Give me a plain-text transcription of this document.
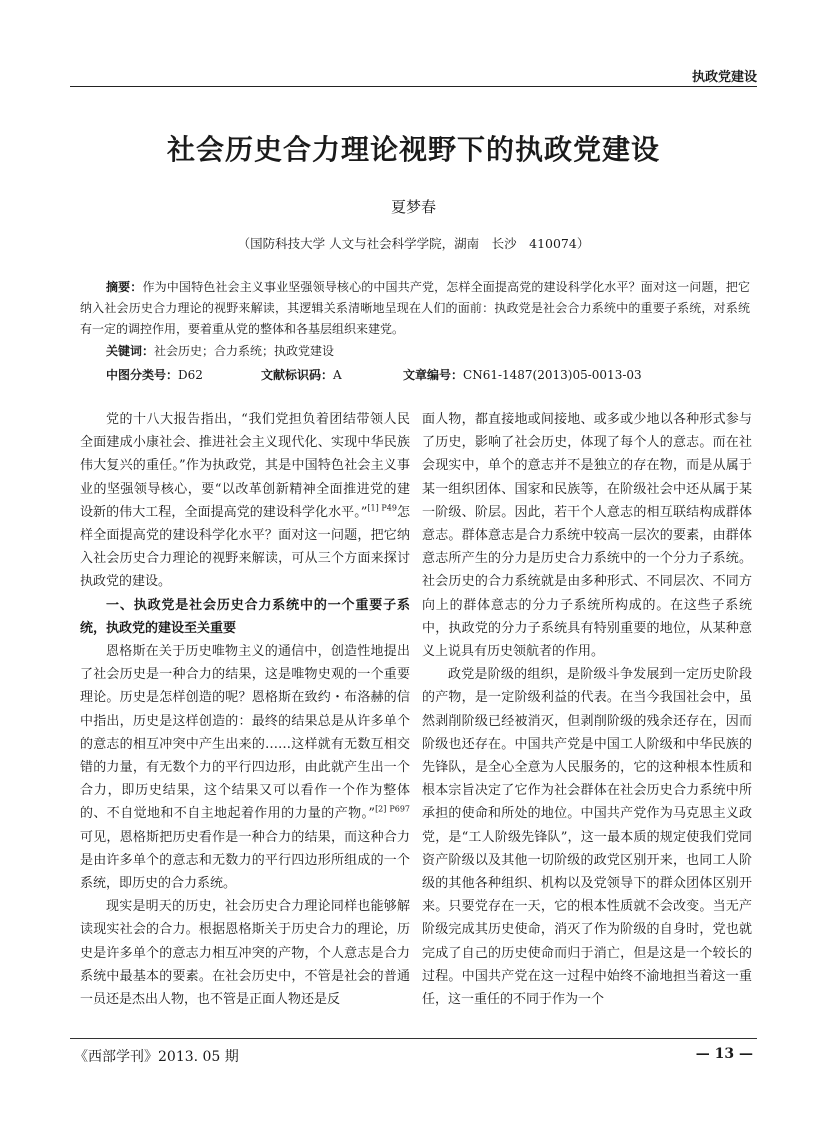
执政党建设
社会历史合力理论视野下的执政党建设
夏梦春
（国防科技大学 人文与社会科学学院，湖南　长沙　410074）

摘要：作为中国特色社会主义事业坚强领导核心的中国共产党，怎样全面提高党的建设科学化水平？面对这一问题，把它纳入社会历史合力理论的视野来解读，其逻辑关系清晰地呈现在人们的面前：执政党是社会合力系统中的重要子系统，对系统有一定的调控作用，要着重从党的整体和各基层组织来建党。

关键词：社会历史；合力系统；执政党建设
中图分类号：D62	文献标识码：A	文章编号：CN61-1487(2013)05-0013-03

党的十八大报告指出，“我们党担负着团结带领人民全面建成小康社会、推进社会主义现代化、实现中华民族伟大复兴的重任。”作为执政党，其是中国特色社会主义事业的坚强领导核心，要“以改革创新精神全面推进党的建设新的伟大工程，全面提高党的建设科学化水平。”$^{[1] P49}$怎样全面提高党的建设科学化水平？面对这一问题，把它纳入社会历史合力理论的视野来解读，可从三个方面来探讨执政党的建设。

一、执政党是社会历史合力系统中的一个重要子系统，执政党的建设至关重要

恩格斯在关于历史唯物主义的通信中，创造性地提出了社会历史是一种合力的结果，这是唯物史观的一个重要理论。历史是怎样创造的呢？恩格斯在致约・布洛赫的信中指出，历史是这样创造的：最终的结果总是从许多单个的意志的相互冲突中产生出来的……这样就有无数互相交错的力量，有无数个力的平行四边形，由此就产生出一个合力，即历史结果，这个结果又可以看作一个作为整体的、不自觉地和不自主地起着作用的力量的产物。”$^{[2] P697}$可见，恩格斯把历史看作是一种合力的结果，而这种合力是由许多单个的意志和无数力的平行四边形所组成的一个系统，即历史的合力系统。

现实是明天的历史，社会历史合力理论同样也能够解读现实社会的合力。根据恩格斯关于历史合力的理论，历史是许多单个的意志力相互冲突的产物，个人意志是合力系统中最基本的要素。在社会历史中，不管是社会的普通一员还是杰出人物，也不管是正面人物还是反

面人物，都直接地或间接地、或多或少地以各种形式参与了历史，影响了社会历史，体现了每个人的意志。而在社会现实中，单个的意志并不是独立的存在物，而是从属于某一组织团体、国家和民族等，在阶级社会中还从属于某一阶级、阶层。因此，若干个人意志的相互联结构成群体意志。群体意志是合力系统中较高一层次的要素，由群体意志所产生的分力是历史合力系统中的一个分力子系统。社会历史的合力系统就是由多种形式、不同层次、不同方向上的群体意志的分力子系统所构成的。在这些子系统中，执政党的分力子系统具有特别重要的地位，从某种意义上说具有历史领航者的作用。

政党是阶级的组织，是阶级斗争发展到一定历史阶段的产物，是一定阶级利益的代表。在当今我国社会中，虽然剥削阶级已经被消灭，但剥削阶级的残余还存在，因而阶级也还存在。中国共产党是中国工人阶级和中华民族的先锋队，是全心全意为人民服务的，它的这种根本性质和根本宗旨决定了它作为社会群体在社会历史合力系统中所承担的使命和所处的地位。中国共产党作为马克思主义政党，是“工人阶级先锋队”，这一最本质的规定使我们党同资产阶级以及其他一切阶级的政党区别开来，也同工人阶级的其他各种组织、机构以及党领导下的群众团体区别开来。只要党存在一天，它的根本性质就不会改变。当无产阶级完成其历史使命，消灭了作为阶级的自身时，党也就完成了自己的历史使命而归于消亡，但是这是一个较长的过程。中国共产党在这一过程中始终不渝地担当着这一重任，这一重任的不同于作为一个

《西部学刊》2013. 05 期	— 13 —
